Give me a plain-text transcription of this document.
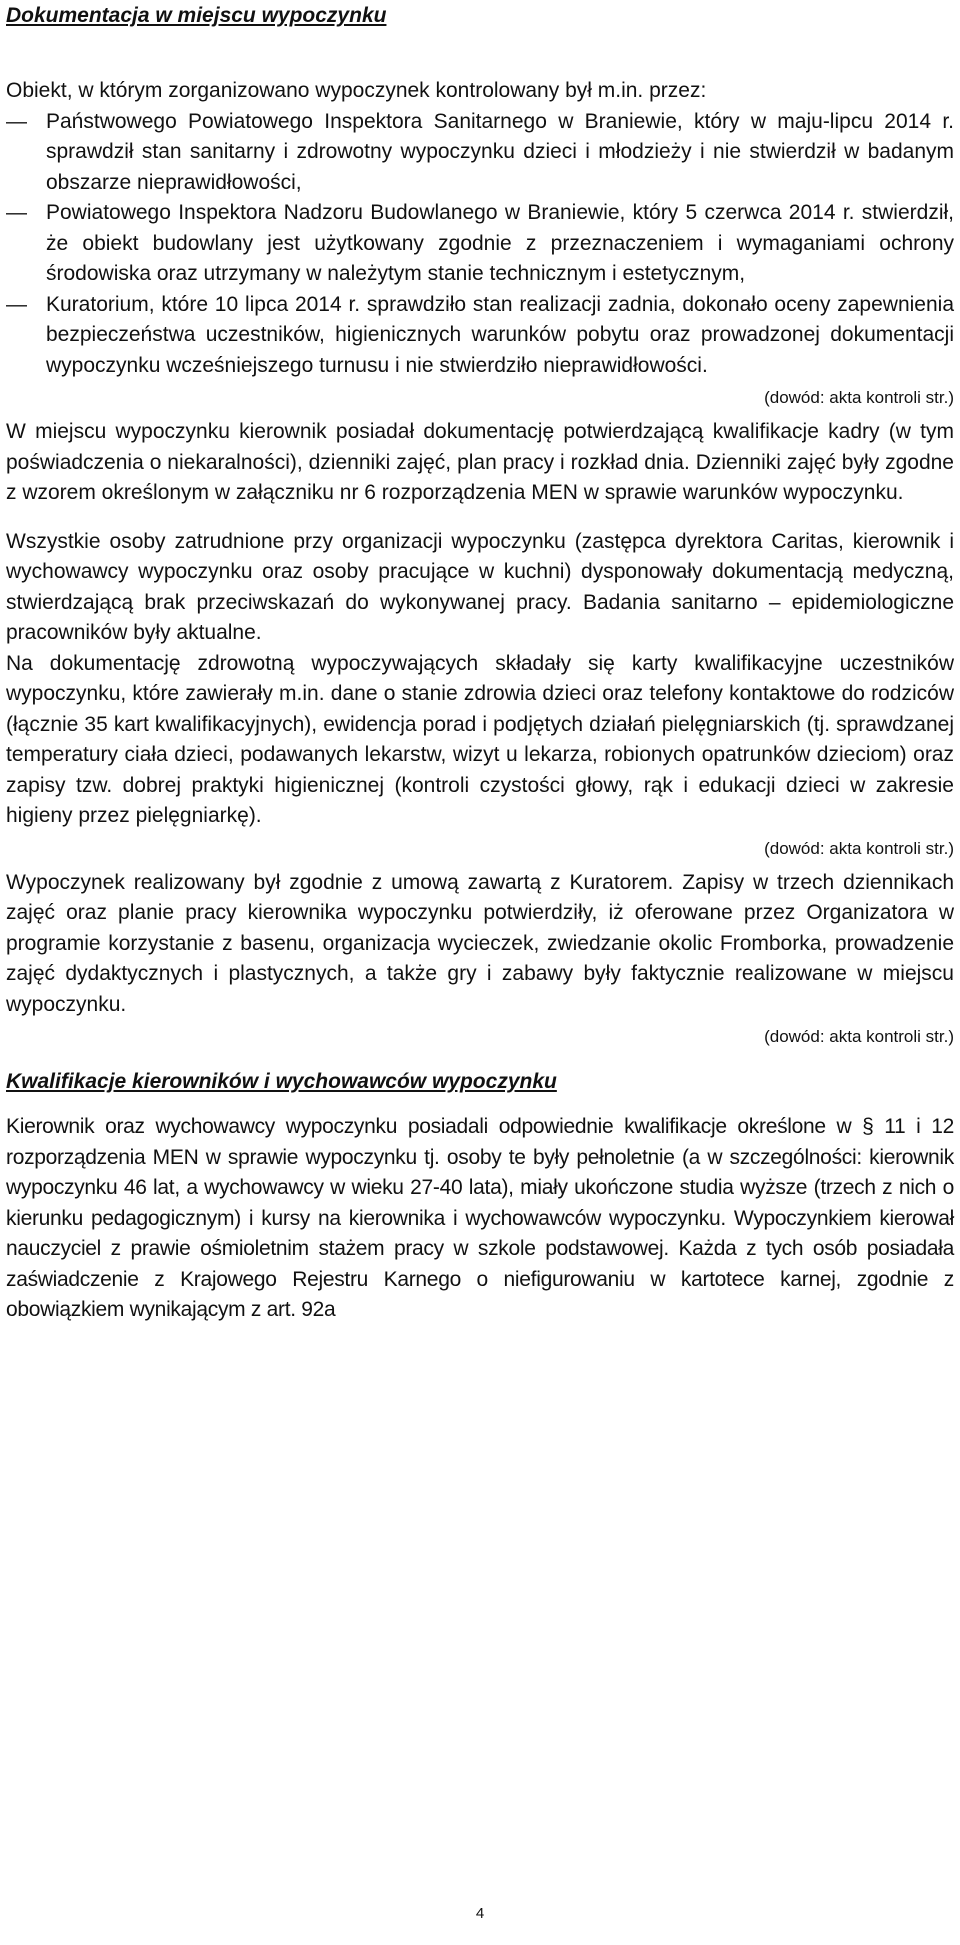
Dokumentacja w miejscu wypoczynku

Obiekt, w którym zorganizowano wypoczynek kontrolowany był m.in. przez:

— Państwowego Powiatowego Inspektora Sanitarnego w Braniewie, który w maju-lipcu 2014 r. sprawdził stan sanitarny i zdrowotny wypoczynku dzieci i młodzieży i nie stwierdził w badanym obszarze nieprawidłowości,
— Powiatowego Inspektora Nadzoru Budowlanego w Braniewie, który 5 czerwca 2014 r. stwierdził, że obiekt budowlany jest użytkowany zgodnie z przeznaczeniem i wymaganiami ochrony środowiska oraz utrzymany w należytym stanie technicznym i estetycznym,
— Kuratorium, które 10 lipca 2014 r. sprawdziło stan realizacji zadnia, dokonało oceny zapewnienia bezpieczeństwa uczestników, higienicznych warunków pobytu oraz prowadzonej dokumentacji wypoczynku wcześniejszego turnusu i nie stwierdziło nieprawidłowości.

(dowód: akta kontroli str.)

W miejscu wypoczynku kierownik posiadał dokumentację potwierdzającą kwalifikacje kadry (w tym poświadczenia o niekaralności), dzienniki zajęć, plan pracy i rozkład dnia. Dzienniki zajęć były zgodne z wzorem określonym w załączniku nr 6 rozporządzenia MEN w sprawie warunków wypoczynku.

Wszystkie osoby zatrudnione przy organizacji wypoczynku (zastępca dyrektora Caritas, kierownik i wychowawcy wypoczynku oraz osoby pracujące w kuchni) dysponowały dokumentacją medyczną, stwierdzającą brak przeciwskazań do wykonywanej pracy. Badania sanitarno – epidemiologiczne pracowników były aktualne.

Na dokumentację zdrowotną wypoczywających składały się karty kwalifikacyjne uczestników wypoczynku, które zawierały m.in. dane o stanie zdrowia dzieci oraz telefony kontaktowe do rodziców (łącznie 35 kart kwalifikacyjnych), ewidencja porad i podjętych działań pielęgniarskich (tj. sprawdzanej temperatury ciała dzieci, podawanych lekarstw, wizyt u lekarza, robionych opatrunków dzieciom) oraz zapisy tzw. dobrej praktyki higienicznej (kontroli czystości głowy, rąk i edukacji dzieci w zakresie higieny przez pielęgniarkę).

(dowód: akta kontroli str.)

Wypoczynek realizowany był zgodnie z umową zawartą z Kuratorem. Zapisy w trzech dziennikach zajęć oraz planie pracy kierownika wypoczynku potwierdziły, iż oferowane przez Organizatora w programie korzystanie z basenu, organizacja wycieczek, zwiedzanie okolic Fromborka, prowadzenie zajęć dydaktycznych i plastycznych, a także gry i zabawy były faktycznie realizowane w miejscu wypoczynku.

(dowód: akta kontroli str.)

Kwalifikacje kierowników i wychowawców wypoczynku

Kierownik oraz wychowawcy wypoczynku posiadali odpowiednie kwalifikacje określone w § 11 i 12 rozporządzenia MEN w sprawie wypoczynku tj. osoby te były pełnoletnie (a w szczególności: kierownik wypoczynku 46 lat, a wychowawcy w wieku 27-40 lata), miały ukończone studia wyższe (trzech z nich o kierunku pedagogicznym) i kursy na kierownika i wychowawców wypoczynku. Wypoczynkiem kierował nauczyciel z prawie ośmioletnim stażem pracy w szkole podstawowej. Każda z tych osób posiadała zaświadczenie z Krajowego Rejestru Karnego o niefigurowaniu w kartotece karnej, zgodnie z obowiązkiem wynikającym z art. 92a

4
